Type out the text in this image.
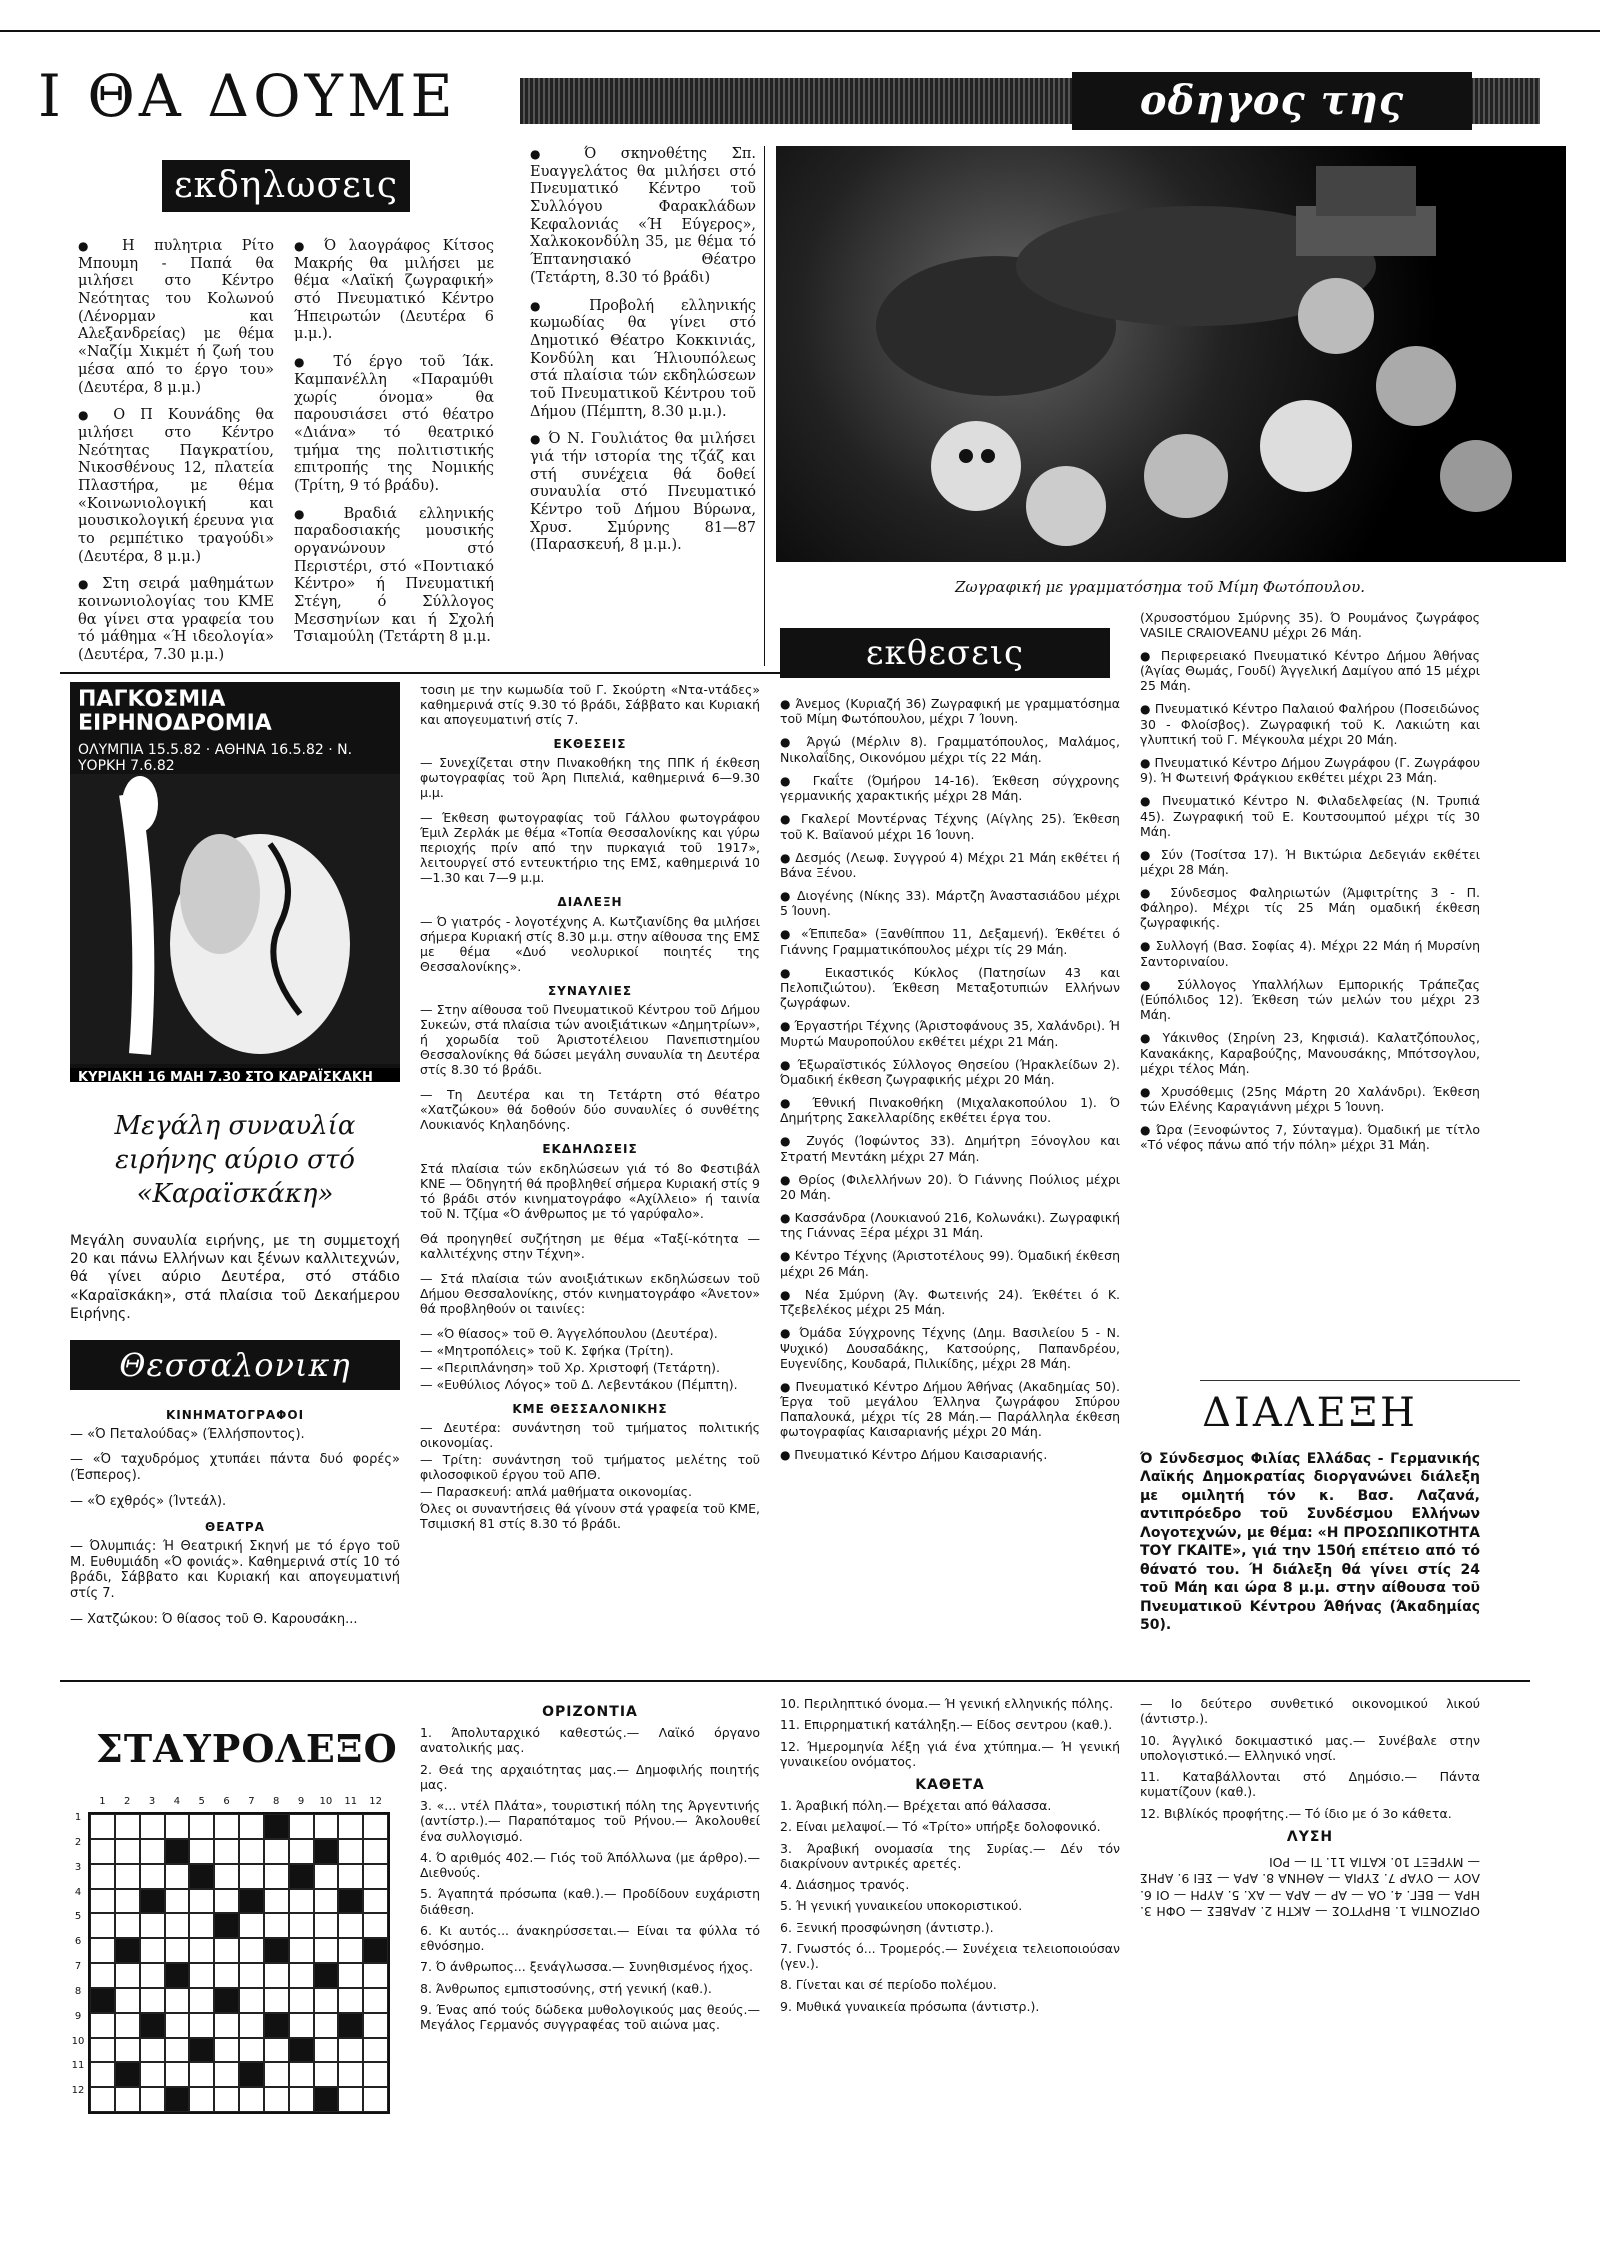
Ι ΘΑ ΔΟΥΜΕ	οδηγος της
εκδηλωσεις

● Η πυλητρια Ρίτο Μπουμη - Παπά θα μιλήσει στο Κέντρο Νεότητας του Κολωνού (Λένορμαν και Αλεξανδρείας) με θέμα «Ναζίμ Χικμέτ ή ζωή του μέσα από το έργο του» (Δευτέρα, 8 μ.μ.)

● Ο Π Κουνάδης θα μιλήσει στο Κέντρο Νεότητας Παγκρατίου, Νικοσθένους 12, πλατεία Πλαστήρα, με θέμα «Κοινωνιολογική και μουσικολογική έρευνα για το ρεμπέτικο τραγούδι» (Δευτέρα, 8 μ.μ.)

● Στη σειρά μαθημάτων κοινωνιολογίας του ΚΜΕ θα γίνει στα γραφεία του τό μάθημα «Ή ιδεολογία» (Δευτέρα, 7.30 μ.μ.)

● Ό λαογράφος Κίτσος Μακρής θα μιλήσει με θέμα «Λαϊκή ζωγραφική» στό Πνευματικό Κέντρο Ήπειρωτών (Δευτέρα 6 μ.μ.).

● Τό έργο τοῦ Ίάκ. Καμπανέλλη «Παραμύθι χωρίς όνομα» θα παρουσιάσει στό θέατρο «Διάνα» τό θεατρικό τμήμα της πολιτιστικής επιτροπής της Νομικής (Τρίτη, 9 τό βράδυ).

● Βραδιά ελληνικής παραδοσιακής μουσικής οργανώνουν στό Περιστέρι, στό «Ποντιακό Κέντρο» ή Πνευματική Στέγη, ό Σύλλογος Μεσσηνίων και ή Σχολή Τσιαμούλη (Τετάρτη 8 μ.μ.

● Ό σκηνοθέτης Σπ. Ευαγγελάτος θα μιλήσει στό Πνευματικό Κέντρο τοῦ Συλλόγου Φαρακλάδων Κεφαλονιάς «Ή Εύγερος», Χαλκοκονδύλη 35, με θέμα τό Έπτανησιακό Θέατρο (Τετάρτη, 8.30 τό βράδι)

● Προβολή ελληνικής κωμωδίας θα γίνει στό Δημοτικό Θέατρο Κοκκινιάς, Κονδύλη και Ήλιουπόλεως στά πλαίσια τών εκδηλώσεων τοῦ Πνευματικοῦ Κέντρου τοῦ Δήμου (Πέμπτη, 8.30 μ.μ.).

● Ό Ν. Γουλιάτος θα μιλήσει γιά τήν ιστορία της τζάζ και στή συνέχεια θά δοθεί συναυλία στό Πνευματικό Κέντρο τοῦ Δήμου Βύρωνα, Χρυσ. Σμύρνης 81—87 (Παρασκευή, 8 μ.μ.).

Ζωγραφική με γραμματόσημα τοῦ Μίμη Φωτόπουλου.
ΠΑΓΚΟΣΜΙΑ ΕΙΡΗΝΟΔΡΟΜΙΑ
ΟΛΥΜΠΙΑ 15.5.82 · ΑΘΗΝΑ 16.5.82 · Ν. ΥΟΡΚΗ 7.6.82
ΚΥΡΙΑΚΗ 16 ΜΑΗ 7.30 ΣΤΟ ΚΑΡΑΪΣΚΑΚΗ
Μεγάλη συναυλία ειρήνης αύριο στό «Καραϊσκάκη»
Μεγάλη συναυλία ειρήνης, με τη συμμετοχή 20 και πάνω Ελλήνων και ξένων καλλιτεχνών, θά γίνει αύριο Δευτέρα, στό στάδιο «Καραϊσκάκη», στά πλαίσια τοῦ Δεκαήμερου Ειρήνης.
Θεσσαλονικη
ΚΙΝΗΜΑΤΟΓΡΑΦΟΙ

— «Ό Πεταλούδας» (Έλλήσποντος).

— «Ό ταχυδρόμος χτυπάει πάντα δυό φορές» (Έσπερος).

— «Ό εχθρός» (Ίντεάλ).

ΘΕΑΤΡΑ

— Όλυμπιάς: Ή Θεατρική Σκηνή με τό έργο τοῦ Μ. Ευθυμιάδη «Ό φονιάς». Καθημερινά στίς 10 τό βράδι, Σάββατο και Κυριακή και απογευματινή στίς 7.

— Χατζώκου: Ό θίασος τοῦ Θ. Καρουσάκη...

τοσιη με την κωμωδία τοῦ Γ. Σκούρτη «Ντα-ντάδες» καθημερινά στίς 9.30 τό βράδι, Σάββατο και Κυριακή και απογευματινή στίς 7.

ΕΚΘΕΣΕΙΣ

— Συνεχίζεται στην Πινακοθήκη της ΠΠΚ ή έκθεση φωτογραφίας τοῦ Άρη Πιπελιά, καθημερινά 6—9.30 μ.μ.

— Έκθεση φωτογραφίας τοῦ Γάλλου φωτογράφου Έμιλ Ζερλάκ με θέμα «Τοπία Θεσσαλονίκης και γύρω περιοχής πρίν από την πυρκαγιά τοῦ 1917», λειτουργεί στό εντευκτήριο της ΕΜΣ, καθημερινά 10—1.30 και 7—9 μ.μ.

ΔΙΑΛΕΞΗ

— Ό γιατρός - λογοτέχνης Α. Κωτζιανίδης θα μιλήσει σήμερα Κυριακή στίς 8.30 μ.μ. στην αίθουσα της ΕΜΣ με θέμα «Δυό νεολυρικοί ποιητές της Θεσσαλονίκης».

ΣΥΝΑΥΛΙΕΣ

— Στην αίθουσα τοῦ Πνευματικοῦ Κέντρου τοῦ Δήμου Συκεών, στά πλαίσια τών ανοιξιάτικων «Δημητρίων», ή χορωδία τοῦ Άριστοτέλειου Πανεπιστημίου Θεσσαλονίκης θά δώσει μεγάλη συναυλία τη Δευτέρα στίς 8.30 τό βράδι.

— Τη Δευτέρα και τη Τετάρτη στό θέατρο «Χατζώκου» θά δοθούν δύο συναυλίες ό συνθέτης Λουκιανός Κηλαηδόνης.

ΕΚΔΗΛΩΣΕΙΣ

Στά πλαίσια τών εκδηλώσεων γιά τό 8ο Φεστιβάλ ΚΝΕ — Όδηγητή θά προβληθεί σήμερα Κυριακή στίς 9 τό βράδι στόν κινηματογράφο «Αχίλλειο» ή ταινία τοῦ Ν. Τζίμα «Ό άνθρωπος με τό γαρύφαλο».

Θά προηγηθεί συζήτηση με θέμα «Ταξί-κότητα — καλλιτέχνης στην Τέχνη».

— Στά πλαίσια τών ανοιξιάτικων εκδηλώσεων τοῦ Δήμου Θεσσαλονίκης, στόν κινηματογράφο «Άνετον» θά προβληθούν οι ταινίες:

— «Ό θίασος» τοῦ Θ. Άγγελόπουλου (Δευτέρα).

— «Μητροπόλεις» τοῦ Κ. Σφήκα (Τρίτη).

— «Περιπλάνηση» τοῦ Χρ. Χριστοφή (Τετάρτη).

— «Ευθύλιος Λόγος» τοῦ Δ. Λεβεντάκου (Πέμπτη).

ΚΜΕ ΘΕΣΣΑΛΟΝΙΚΗΣ

— Δευτέρα: συνάντηση τοῦ τμήματος πολιτικής οικονομίας.

— Τρίτη: συνάντηση τοῦ τμήματος μελέτης τοῦ φιλοσοφικοῦ έργου τοῦ ΑΠΘ.

— Παρασκευή: απλά μαθήματα οικονομίας.

Όλες οι συναντήσεις θά γίνουν στά γραφεία τοῦ ΚΜΕ, Τσιμισκή 81 στίς 8.30 τό βράδι.

εκθεσεις

● Άνεμος (Κυριαζή 36) Ζωγραφική με γραμματόσημα τοῦ Μίμη Φωτόπουλου, μέχρι 7 Ίουνη.

● Άργώ (Μέρλιν 8). Γραμματόπουλος, Μαλάμος, Νικολαΐδης, Οικονόμου μέχρι τίς 22 Μάη.

● Γκαΐτε (Όμήρου 14-16). Έκθεση σύγχρονης γερμανικής χαρακτικής μέχρι 28 Μάη.

● Γκαλερί Μοντέρνας Τέχνης (Αίγλης 25). Έκθεση τοῦ Κ. Βαϊανού μέχρι 16 Ίουνη.

● Δεσμός (Λεωφ. Συγγρού 4) Μέχρι 21 Μάη εκθέτει ή Βάνα Ξένου.

● Διογένης (Νίκης 33). Μάρτζη Άναστασιάδου μέχρι 5 Ίουνη.

● «Έπιπεδα» (Ξανθίππου 11, Δεξαμενή). Έκθέτει ό Γιάννης Γραμματικόπουλος μέχρι τίς 29 Μάη.

● Εικαστικός Κύκλος (Πατησίων 43 και Πελοπιζιώτου). Έκθεση Μεταξοτυπιών Ελλήνων ζωγράφων.

● Έργαστήρι Τέχνης (Άριστοφάνους 35, Χαλάνδρι). Ή Μυρτώ Μαυροπούλου εκθέτει μέχρι 21 Μάη.

● Έξωραϊστικός Σύλλογος Θησείου (Ήρακλείδων 2). Όμαδική έκθεση ζωγραφικής μέχρι 20 Μάη.

● Έθνική Πινακοθήκη (Μιχαλακοπούλου 1). Ό Δημήτρης Σακελλαρίδης εκθέτει έργα του.

● Ζυγός (Ίοφώντος 33). Δημήτρη Ξόνογλου και Στρατή Μεντάκη μέχρι 27 Μάη.

● Θρίος (Φιλελλήνων 20). Ό Γιάννης Πούλιος μέχρι 20 Μάη.

● Κασσάνδρα (Λουκιανού 216, Κολωνάκι). Ζωγραφική της Γιάννας Ξέρα μέχρι 31 Μάη.

● Κέντρο Τέχνης (Άριστοτέλους 99). Όμαδική έκθεση μέχρι 26 Μάη.

● Νέα Σμύρνη (Άγ. Φωτεινής 24). Έκθέτει ό Κ. Τζεβελέκος μέχρι 25 Μάη.

● Όμάδα Σύγχρονης Τέχνης (Δημ. Βασιλείου 5 - Ν. Ψυχικό) Δουσαδάκης, Κατσούρης, Παπανδρέου, Ευγενίδης, Κουδαρά, Πιλικίδης, μέχρι 28 Μάη.

● Πνευματικό Κέντρο Δήμου Άθήνας (Ακαδημίας 50). Έργα τοῦ μεγάλου Έλληνα ζωγράφου Σπύρου Παπαλουκά, μέχρι τίς 28 Μάη.— Παράλληλα έκθεση φωτογραφίας Καισαριανής μέχρι 20 Μάη.

● Πνευματικό Κέντρο Δήμου Καισαριανής.

(Χρυσοστόμου Σμύρνης 35). Ό Ρουμάνος ζωγράφος VASILE CRAIOVEANU μέχρι 26 Μάη.

● Περιφερειακό Πνευματικό Κέντρο Δήμου Άθήνας (Άγίας Θωμάς, Γουδί) Άγγελική Δαμίγου από 15 μέχρι 25 Μάη.

● Πνευματικό Κέντρο Παλαιού Φαλήρου (Ποσειδώνος 30 - Φλοίσβος). Ζωγραφική τοῦ Κ. Λακιώτη και γλυπτική τοῦ Γ. Μέγκουλα μέχρι 20 Μάη.

● Πνευματικό Κέντρο Δήμου Ζωγράφου (Γ. Ζωγράφου 9). Ή Φωτεινή Φράγκιου εκθέτει μέχρι 23 Μάη.

● Πνευματικό Κέντρο Ν. Φιλαδελφείας (Ν. Τρυπιά 45). Ζωγραφική τοῦ Ε. Κουτσουμπού μέχρι τίς 30 Μάη.

● Σύν (Τοσίτσα 17). Ή Βικτώρια Δεδεγιάν εκθέτει μέχρι 28 Μάη.

● Σύνδεσμος Φαληριωτών (Άμφιτρίτης 3 - Π. Φάληρο). Μέχρι τίς 25 Μάη ομαδική έκθεση ζωγραφικής.

● Συλλογή (Βασ. Σοφίας 4). Μέχρι 22 Μάη ή Μυρσίνη Σαντοριναίου.

● Σύλλογος Υπαλλήλων Εμπορικής Τράπεζας (Εύπόλιδος 12). Έκθεση τών μελών του μέχρι 23 Μάη.

● Υάκινθος (Σηρίνη 23, Κηφισιά). Καλατζόπουλος, Κανακάκης, Καραβούζης, Μανουσάκης, Μπότσογλου, μέχρι τέλος Μάη.

● Χρυσόθεμις (25ης Μάρτη 20 Χαλάνδρι). Έκθεση τών Ελένης Καραγιάννη μέχρι 5 Ίουνη.

● Ώρα (Ξενοφώντος 7, Σύνταγμα). Όμαδική με τίτλο «Τό νέφος πάνω από τήν πόλη» μέχρι 31 Μάη.

ΔΙΑΛΕΞΗ
Ό Σύνδεσμος Φιλίας Ελλάδας - Γερμανικής Λαϊκής Δημοκρατίας διοργανώνει διάλεξη με ομιλητή τόν κ. Βασ. Λαζανά, αντιπρόεδρο τοῦ Συνδέσμου Ελλήνων Λογοτεχνών, με θέμα: «Η ΠΡΟΣΩΠΙΚΟΤΗΤΑ ΤΟΥ ΓΚΑΙΤΕ», γιά την 150ή επέτειο από τό θάνατό του. Ή διάλεξη θά γίνει στίς 24 τοῦ Μάη και ώρα 8 μ.μ. στην αίθουσα τοῦ Πνευματικοῦ Κέντρου Άθήνας (Άκαδημίας 50).
ΣΤΑΥΡΟΛΕΞΟ
1	2	3	4	5	6	7	8	9	10	11	12
1
2
3
4
5
6
7
8
9
10
11
12
ΟΡΙΖΟΝΤΙΑ

1. Άπολυταρχικό καθεστώς.— Λαϊκό όργανο ανατολικής μας.

2. Θεά της αρχαιότητας μας.— Δημοφιλής ποιητής μας.

3. «... ντέλ Πλάτα», τουριστική πόλη της Άργεντινής (αντίστρ.).— Παραπόταμος τοῦ Ρήνου.— Άκολουθεί ένα συλλογισμό.

4. Ό αριθμός 402.— Γιός τοῦ Άπόλλωνα (με άρθρο).— Διεθνούς.

5. Άγαπητά πρόσωπα (καθ.).— Προδίδουν ευχάριστη διάθεση.

6. Κι αυτός... άνακηρύσσεται.— Είναι τα φύλλα τό εθνόσημο.

7. Ό άνθρωπος... ξενάγλωσσα.— Συνηθισμένος ήχος.

8. Άνθρωπος εμπιστοσύνης, στή γενική (καθ.).

9. Ένας από τούς δώδεκα μυθολογικούς μας θεούς.— Μεγάλος Γερμανός συγγραφέας τοῦ αιώνα μας.

10. Περιληπτικό όνομα.— Ή γενική ελληνικής πόλης.

11. Επιρρηματική κατάληξη.— Είδος σεντρου (καθ.).

12. Ήμερομηνία λέξη γιά ένα χτύπημα.— Ή γενική γυναικείου ονόματος.

ΚΑΘΕΤΑ

1. Άραβική πόλη.— Βρέχεται από θάλασσα.

2. Είναι μελαψοί.— Τό «Τρίτο» υπήρξε δολοφονικό.

3. Άραβική ονομασία της Συρίας.— Δέν τόν διακρίνουν αντρικές αρετές.

4. Διάσημος τρανός.

5. Ή γενική γυναικείου υποκοριστικού.

6. Ξενική προσφώνηση (άντιστρ.).

7. Γνωστός ό... Τρομερός.— Συνέχεια τελειοποιούσαν (γεν.).

8. Γίνεται και σέ περίοδο πολέμου.

9. Μυθικά γυναικεία πρόσωπα (άντιστρ.).

— Ιο δεύτερο συνθετικό οικονομικού λικού (άντιστρ.).

10. Άγγλικό δοκιμαστικό μας.— Συνέβαλε στην υπολογιστικό.— Ελληνικό νησί.

11. Καταβάλλονται στό Δημόσιο.— Πάντα κυματίζουν (καθ.).

12. Βιβλίκός προφήτης.— Τό ίδιο με ό 3ο κάθετα.

ΛΥΣΗ
ΟΡΙΖΟΝΤΙΑ 1. ΒΗΡΥΤΟΣ — ΑΚΤΗ 2. ΑΡΑΒΕΣ — ΟΦΗ 3. ΗΡΑ — ΒΕΓ. 4. ΟΑ — ΑΡ — ΑΡΑ — ΑΧ. 5. ΑΥΡΗ — ΟΙ 6. ΛΟΥ — ΟΥΑΡ 7. ΣΥΡΙΑ — ΑΘΗΝΑ 8. ΑΡΑ — ΣΕΙ 9. ΑΡΗΣ — ΜΥΡΕΞΤ 10. ΚΑΤΙΑ 11. ΤΙ — ΡΟΙ
